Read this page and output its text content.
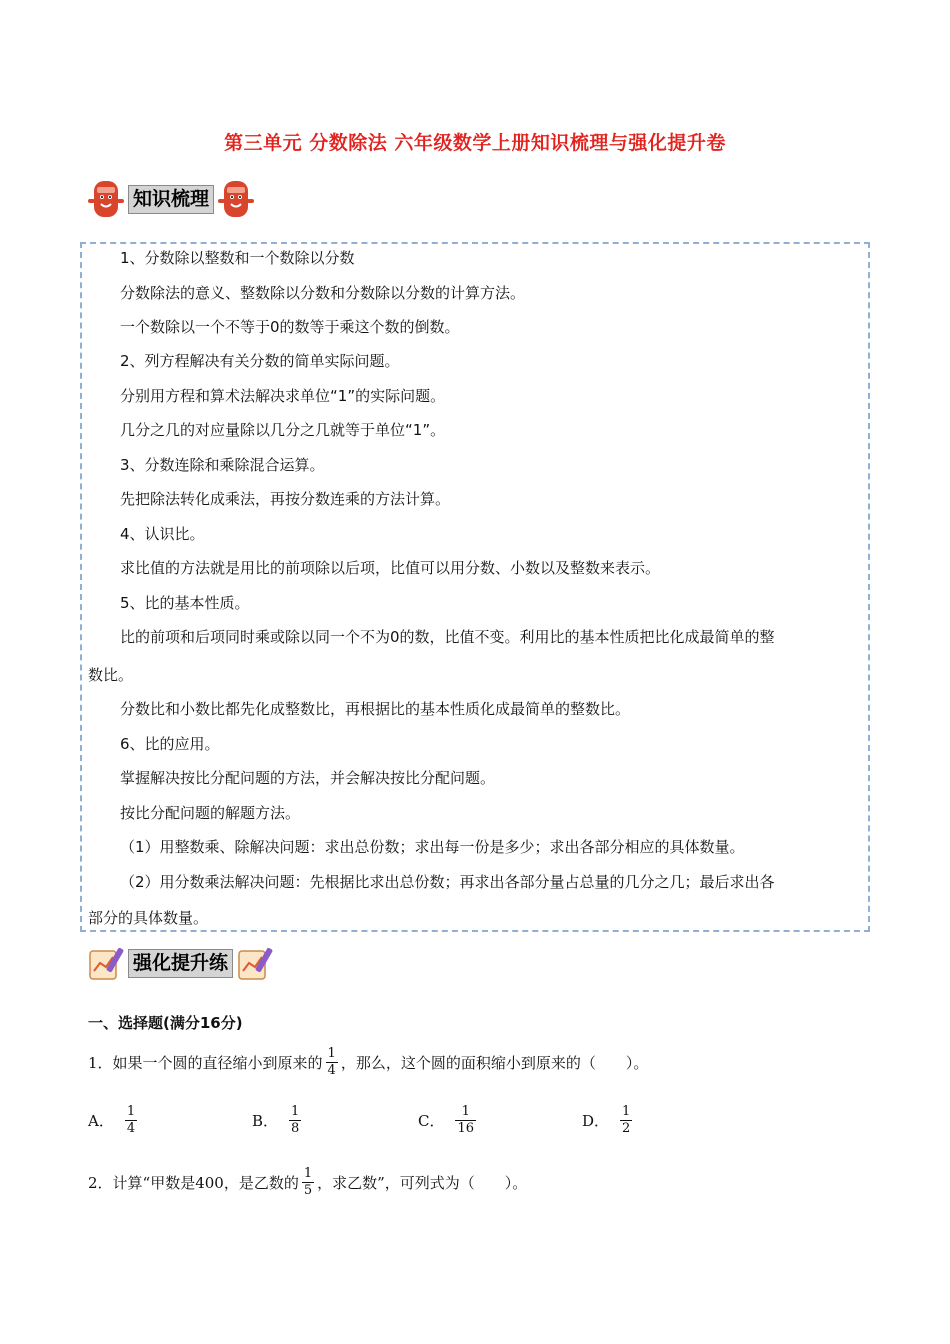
第三单元 分数除法 六年级数学上册知识梳理与强化提升卷
知识梳理
1、分数除以整数和一个数除以分数
分数除法的意义、整数除以分数和分数除以分数的计算方法。
一个数除以一个不等于0的数等于乘这个数的倒数。
2、列方程解决有关分数的简单实际问题。
分别用方程和算术法解决求单位“1”的实际问题。
几分之几的对应量除以几分之几就等于单位“1”。
3、分数连除和乘除混合运算。
先把除法转化成乘法，再按分数连乘的方法计算。
4、认识比。
求比值的方法就是用比的前项除以后项，比值可以用分数、小数以及整数来表示。
5、比的基本性质。
比的前项和后项同时乘或除以同一个不为0的数，比值不变。利用比的基本性质把比化成最简单的整
数比。
分数比和小数比都先化成整数比，再根据比的基本性质化成最简单的整数比。
6、比的应用。
掌握解决按比分配问题的方法，并会解决按比分配问题。
按比分配问题的解题方法。
（1）用整数乘、除解决问题：求出总份数；求出每一份是多少；求出各部分相应的具体数量。
（2）用分数乘法解决问题：先根据比求出总份数；再求出各部分量占总量的几分之几；最后求出各
部分的具体数量。
强化提升练
一、选择题(满分16分)
1．如果一个圆的直径缩小到原来的 $\frac{1}{4}$ ，那么，这个圆的面积缩小到原来的（　　）。
A． $\frac{1}{4}$	B． $\frac{1}{8}$	C． $\frac{1}{16}$	D． $\frac{1}{2}$
2．计算“甲数是400，是乙数的 $\frac{1}{5}$ ，求乙数”，可列式为（　　）。
